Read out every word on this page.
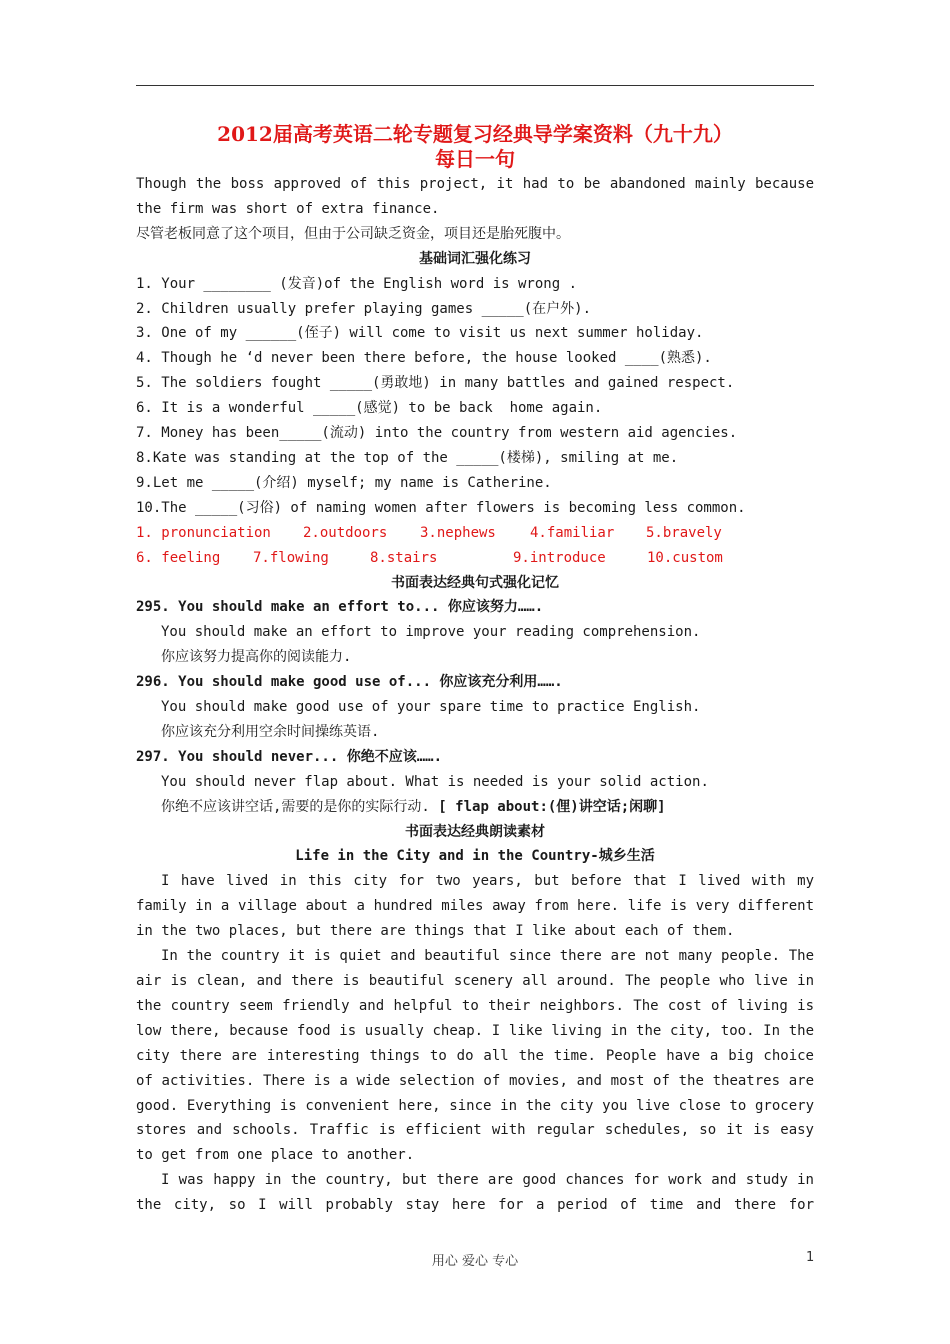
2012届高考英语二轮专题复习经典导学案资料（九十九）

每日一句

Though the boss approved of this project, it had to be abandoned mainly because

the firm was short of extra finance.

尽管老板同意了这个项目，但由于公司缺乏资金，项目还是胎死腹中。

基础词汇强化练习

1. Your ________ (发音)of the English word is wrong .

2. Children usually prefer playing games _____(在户外).

3. One of my ______(侄子) will come to visit us next summer holiday.

4. Though he ‘d never been there before, the house looked ____(熟悉).

5. The soldiers fought _____(勇敢地) in many battles and gained respect.

6. It is a wonderful _____(感觉) to be back  home again.

7. Money has been_____(流动) into the country from western aid agencies.

8.Kate was standing at the top of the _____(楼梯), smiling at me.

9.Let me _____(介绍) myself; my name is Catherine.

10.The _____(习俗) of naming women after flowers is becoming less common.

1. pronunciation	2.outdoors	3.nephews	4.familiar	5.bravely
6. feeling	7.flowing	8.stairs	9.introduce	10.custom

书面表达经典句式强化记忆

295. You should make an effort to... 你应该努力…….

You should make an effort to improve your reading comprehension.

你应该努力提高你的阅读能力.

296. You should make good use of... 你应该充分利用…….

You should make good use of your spare time to practice English.

你应该充分利用空余时间操练英语.

297. You should never... 你绝不应该…….

You should never flap about. What is needed is your solid action.

你绝不应该讲空话,需要的是你的实际行动. [ flap about:(俚)讲空话;闲聊]

书面表达经典朗读素材

Life in the City and in the Country-城乡生活

I have lived in this city for two years, but before that I lived with my
family in a village about a hundred miles away from here. life is very different
in the two places, but there are things that I like about each of them.
In the country it is quiet and beautiful since there are not many people. The
air is clean, and there is beautiful scenery all around. The people who live in
the country seem friendly and helpful to their neighbors. The cost of living is
low there, because food is usually cheap. I like living in the city, too. In the
city there are interesting things to do all the time. People have a big choice
of activities. There is a wide selection of movies, and most of the theatres are
good. Everything is convenient here, since in the city you live close to grocery
stores and schools. Traffic is efficient with regular schedules, so it is easy
to get from one place to another.
I was happy in the country, but there are good chances for work and study in
the city, so I will probably stay here for a period of time and there for
用心 爱心 专心	1
